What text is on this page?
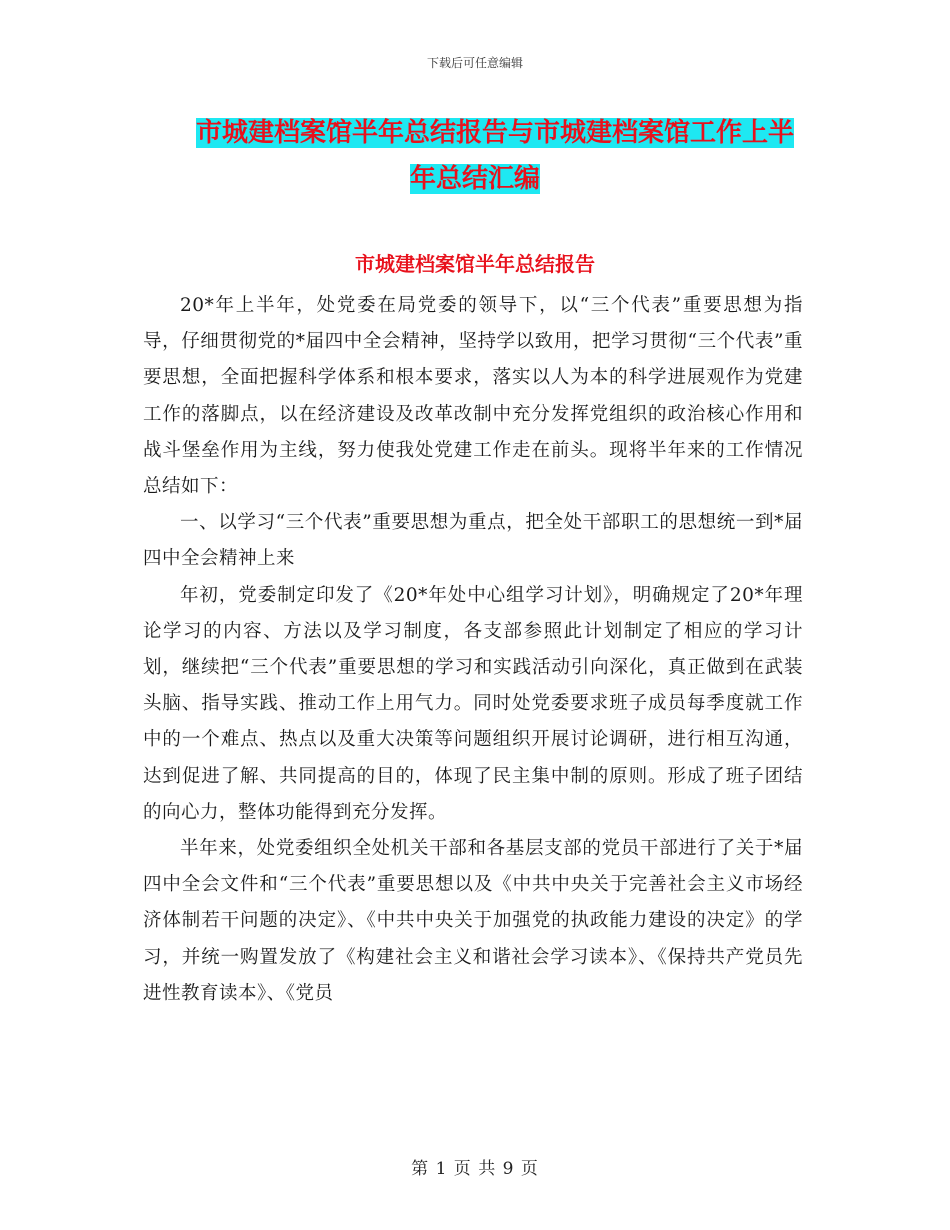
下载后可任意编辑
市城建档案馆半年总结报告与市城建档案馆工作上半
年总结汇编
市城建档案馆半年总结报告

20*年上半年，处党委在局党委的领导下，以“三个代表”重要思想为指导，仔细贯彻党的*届四中全会精神，坚持学以致用，把学习贯彻“三个代表”重要思想，全面把握科学体系和根本要求，落实以人为本的科学进展观作为党建工作的落脚点，以在经济建设及改革改制中充分发挥党组织的政治核心作用和战斗堡垒作用为主线，努力使我处党建工作走在前头。现将半年来的工作情况总结如下：

一、以学习“三个代表”重要思想为重点，把全处干部职工的思想统一到*届四中全会精神上来

年初，党委制定印发了《20*年处中心组学习计划》，明确规定了20*年理论学习的内容、方法以及学习制度，各支部参照此计划制定了相应的学习计划，继续把“三个代表”重要思想的学习和实践活动引向深化，真正做到在武装头脑、指导实践、推动工作上用气力。同时处党委要求班子成员每季度就工作中的一个难点、热点以及重大决策等问题组织开展讨论调研，进行相互沟通，达到促进了解、共同提高的目的，体现了民主集中制的原则。形成了班子团结的向心力，整体功能得到充分发挥。

半年来，处党委组织全处机关干部和各基层支部的党员干部进行了关于*届四中全会文件和“三个代表”重要思想以及《中共中央关于完善社会主义市场经济体制若干问题的决定》、《中共中央关于加强党的执政能力建设的决定》的学习，并统一购置发放了《构建社会主义和谐社会学习读本》、《保持共产党员先进性教育读本》、《党员

第 1 页 共 9 页
